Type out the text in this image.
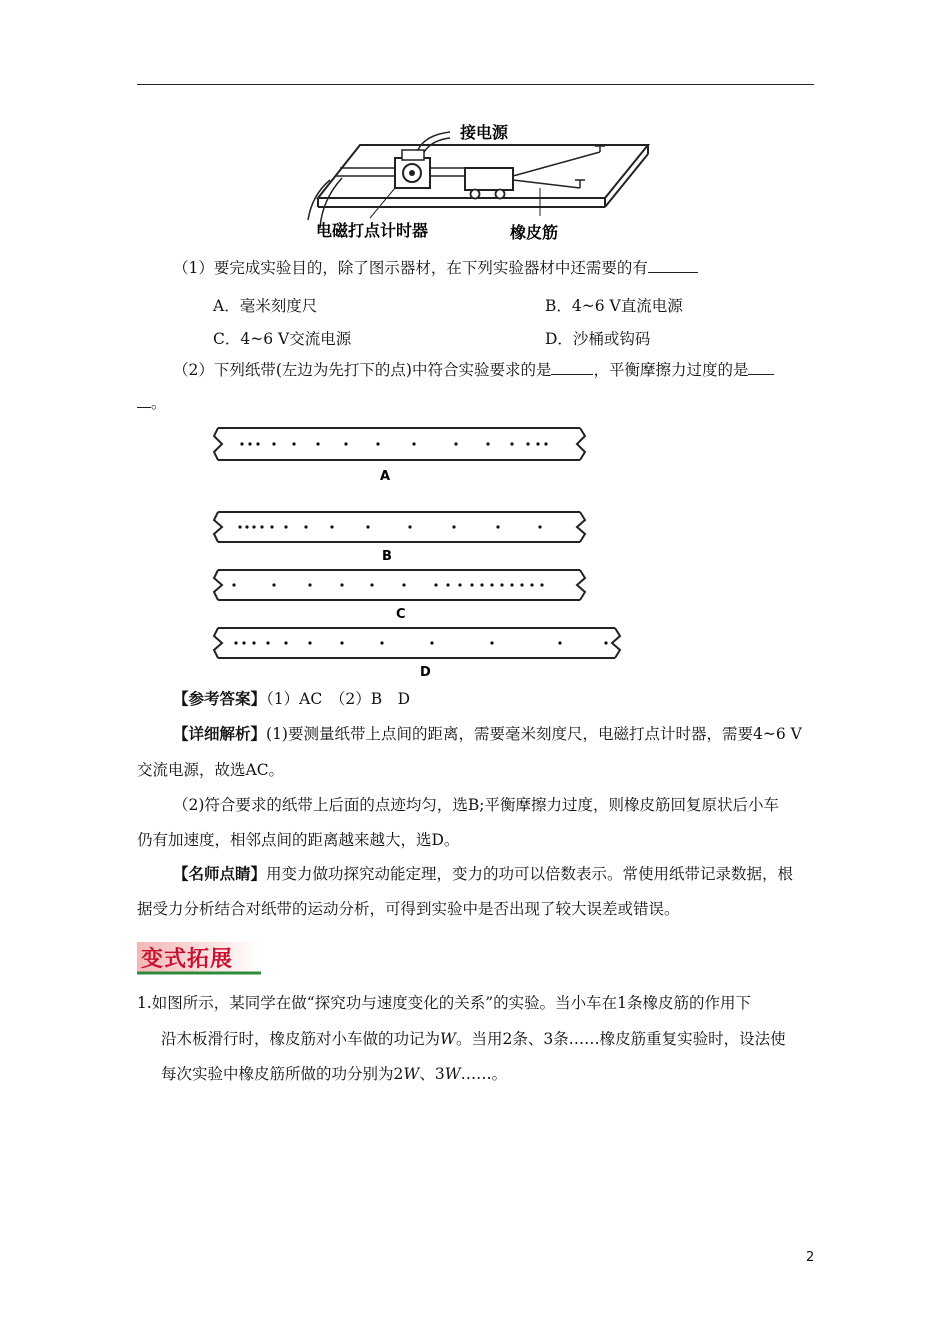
接电源
电磁打点计时器	橡皮筋
（1）要完成实验目的，除了图示器材，在下列实验器材中还需要的有
A．毫米刻度尺	B．4~6 V直流电源
C．4~6 V交流电源	D．沙桶或钩码
（2）下列纸带(左边为先打下的点)中符合实验要求的是	，平衡摩擦力过度的是
。
A
B
C
D
【参考答案】（1）AC　（2）B　D
【详细解析】(1)要测量纸带上点间的距离，需要毫米刻度尺，电磁打点计时器，需要4~6 V
交流电源，故选AC。
（2)符合要求的纸带上后面的点迹均匀，选B;平衡摩擦力过度，则橡皮筋回复原状后小车
仍有加速度，相邻点间的距离越来越大，选D。
【名师点睛】用变力做功探究动能定理，变力的功可以倍数表示。常使用纸带记录数据，根
据受力分析结合对纸带的运动分析，可得到实验中是否出现了较大误差或错误。
变式拓展
1.如图所示，某同学在做“探究功与速度变化的关系”的实验。当小车在1条橡皮筋的作用下
沿木板滑行时，橡皮筋对小车做的功记为W。当用2条、3条……橡皮筋重复实验时，设法使
每次实验中橡皮筋所做的功分别为2W、3W……。
2
